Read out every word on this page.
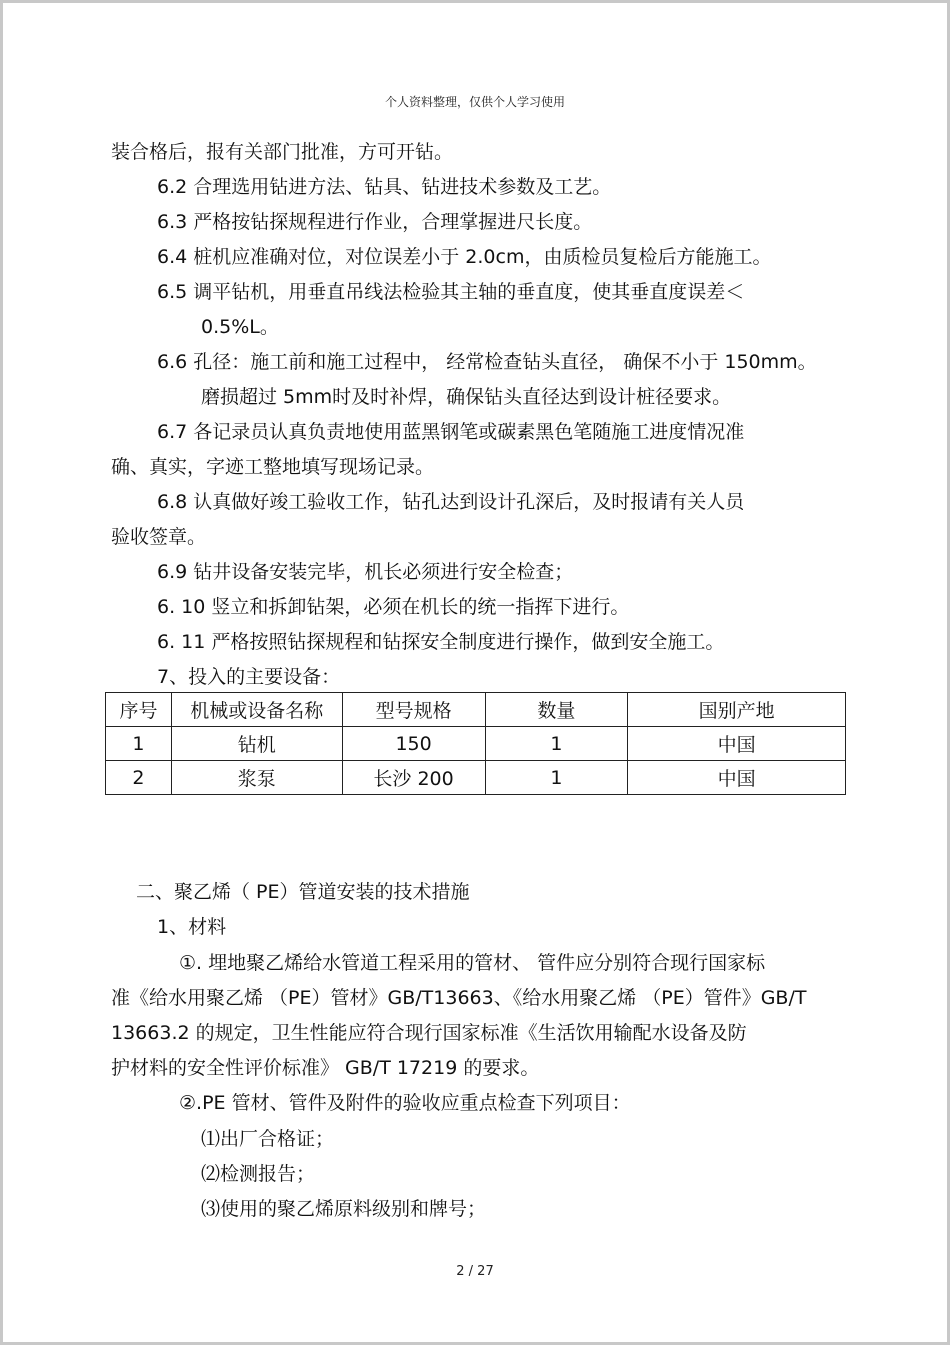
个人资料整理，仅供个人学习使用
装合格后，报有关部门批准，方可开钻。
6.2 合理选用钻进方法、钻具、钻进技术参数及工艺。
6.3 严格按钻探规程进行作业，合理掌握进尺长度。
6.4 桩机应准确对位，对位误差小于 2.0cm，由质检员复检后方能施工。
6.5 调平钻机，用垂直吊线法检验其主轴的垂直度，使其垂直度误差＜
0.5%L。
6.6 孔径：施工前和施工过程中， 经常检查钻头直径， 确保不小于 150mm。
磨损超过 5mm时及时补焊，确保钻头直径达到设计桩径要求。
6.7 各记录员认真负责地使用蓝黑钢笔或碳素黑色笔随施工进度情况准
确、真实，字迹工整地填写现场记录。
6.8 认真做好竣工验收工作，钻孔达到设计孔深后，及时报请有关人员
验收签章。
6.9 钻井设备安装完毕，机长必须进行安全检查；
6. 10 竖立和拆卸钻架，必须在机长的统一指挥下进行。
6. 11 严格按照钻探规程和钻探安全制度进行操作，做到安全施工。
7、投入的主要设备：
序号	机械或设备名称	型号规格	数量	国别产地
1	钻机	150	1	中国
2	浆泵	长沙 200	1	中国
二、聚乙烯（ PE）管道安装的技术措施
1、材料
①. 埋地聚乙烯给水管道工程采用的管材、 管件应分别符合现行国家标
准《给水用聚乙烯 （PE）管材》GB/T13663、《给水用聚乙烯 （PE）管件》GB/T
13663.2 的规定，卫生性能应符合现行国家标准《生活饮用输配水设备及防
护材料的安全性评价标准》 GB/T 17219 的要求。
②.PE 管材、管件及附件的验收应重点检查下列项目：
⑴出厂合格证；
⑵检测报告；
⑶使用的聚乙烯原料级别和牌号；
2 / 27
